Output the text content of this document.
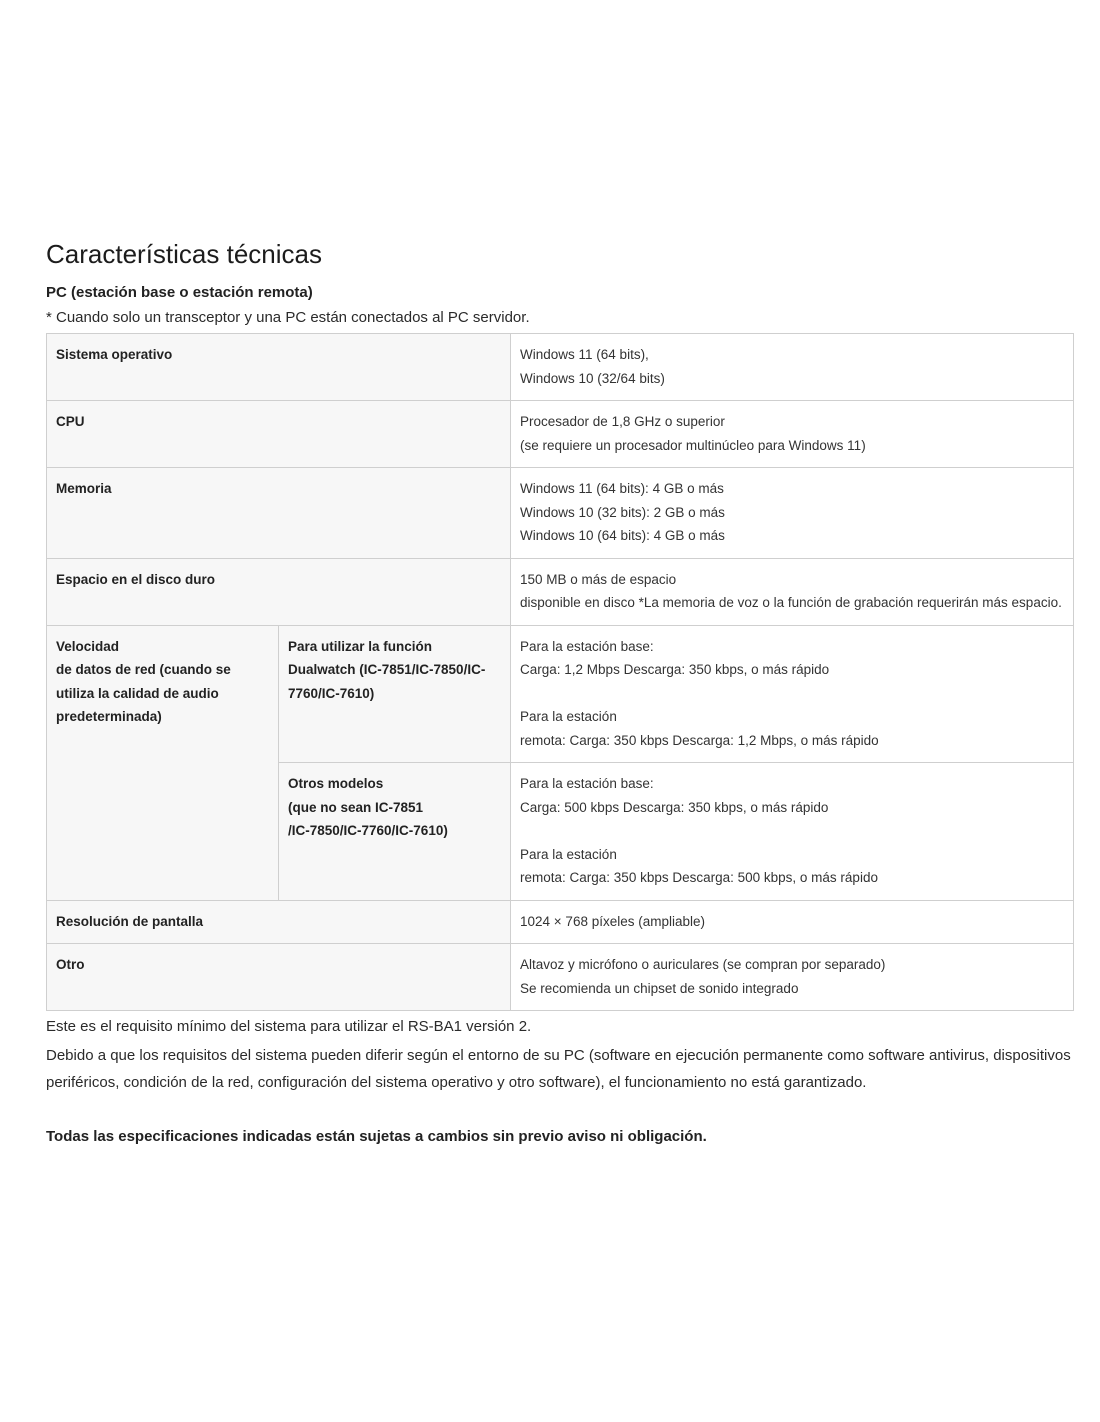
Características técnicas
PC (estación base o estación remota)
* Cuando solo un transceptor y una PC están conectados al PC servidor.
Sistema operativo		Windows 11 (64 bits),
Windows 10 (32/64 bits)

CPU		Procesador de 1,8 GHz o superior
(se requiere un procesador multinúcleo para Windows 11)

Memoria		Windows 11 (64 bits): 4 GB o más
Windows 10 (32 bits): 2 GB o más
Windows 10 (64 bits): 4 GB o más

Espacio en el disco duro		150 MB o más de espacio
disponible en disco *La memoria de voz o la función de grabación requerirán más espacio.

Velocidad
de datos de red (cuando se utiliza la calidad de audio predeterminada)	Para utilizar la función Dualwatch (IC-7851/IC-7850/IC-7760/IC-7610)	Para la estación base:
Carga: 1,2 Mbps Descarga: 350 kbps, o más rápido
Para la estación
remota: Carga: 350 kbps Descarga: 1,2 Mbps, o más rápido

	Otros modelos
(que no sean IC-7851
/IC-7850/IC-7760/IC-7610)	Para la estación base:
Carga: 500 kbps Descarga: 350 kbps, o más rápido
Para la estación
remota: Carga: 350 kbps Descarga: 500 kbps, o más rápido

Resolución de pantalla		1024 × 768 píxeles (ampliable)

Otro		Altavoz y micrófono o auriculares (se compran por separado)
Se recomienda un chipset de sonido integrado
Este es el requisito mínimo del sistema para utilizar el RS-BA1 versión 2.
Debido a que los requisitos del sistema pueden diferir según el entorno de su PC (software en ejecución permanente como software antivirus, dispositivos periféricos, condición de la red, configuración del sistema operativo y otro software), el funcionamiento no está garantizado.
Todas las especificaciones indicadas están sujetas a cambios sin previo aviso ni obligación.
